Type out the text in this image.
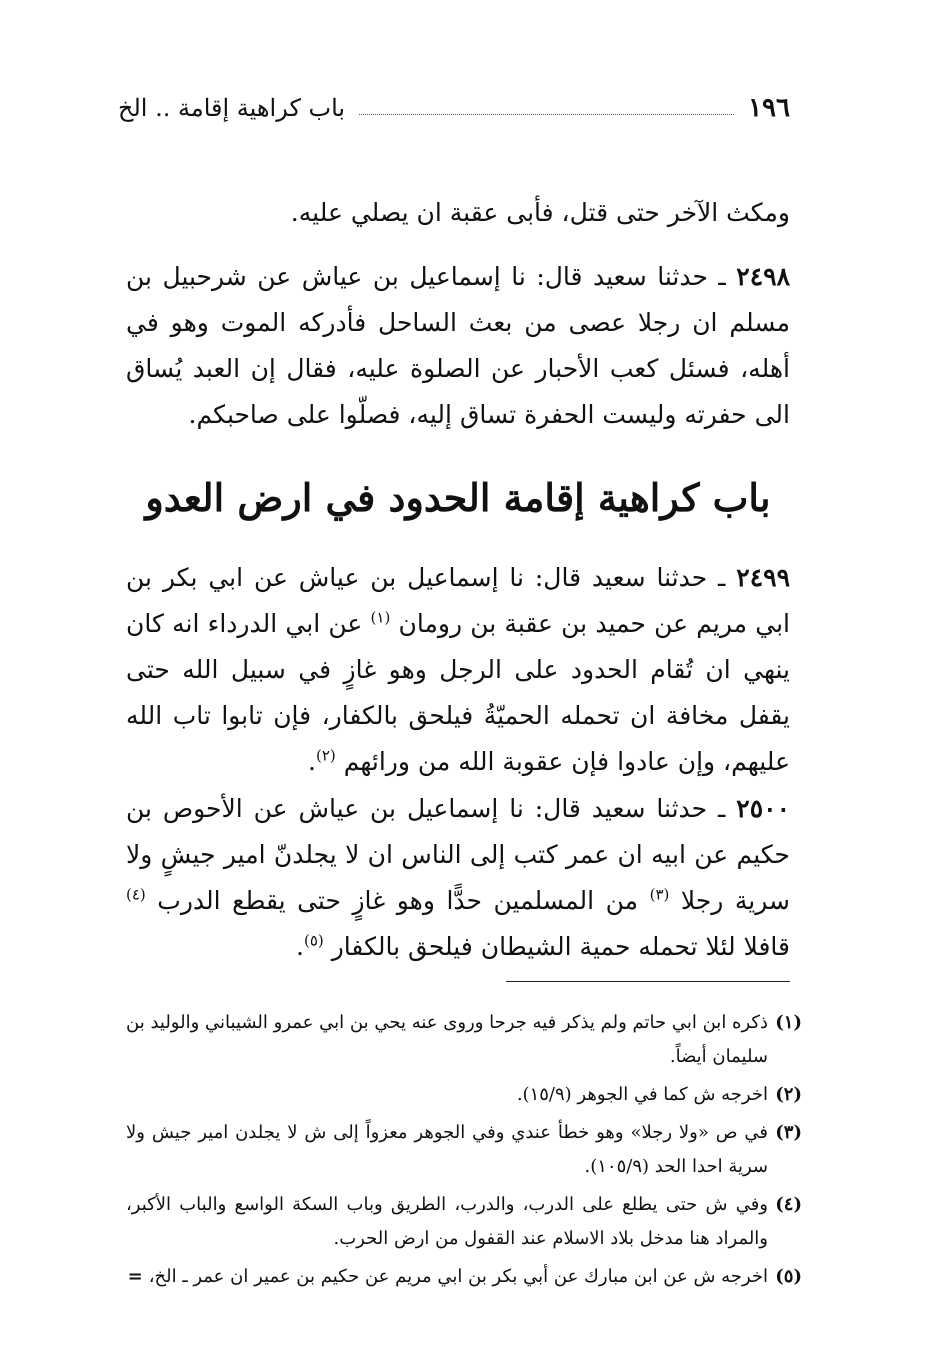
١٩٦
باب كراهية إقامة .. الخ
ومكث الآخر حتى قتل، فأبى عقبة ان يصلي عليه.
٢٤٩٨ ـ حدثنا سعيد قال: نا إسماعيل بن عياش عن شرحبيل بن مسلم ان رجلا عصى من بعث الساحل فأدركه الموت وهو في أهله، فسئل كعب الأحبار عن الصلوة عليه، فقال إن العبد يُساق الى حفرته وليست الحفرة تساق إليه، فصلّوا على صاحبكم.
باب كراهية إقامة الحدود في ارض العدو
٢٤٩٩ ـ حدثنا سعيد قال: نا إسماعيل بن عياش عن ابي بكر بن ابي مريم عن حميد بن عقبة بن رومان $^{(١)}$ عن ابي الدرداء انه كان ينهي ان تُقام الحدود على الرجل وهو غازٍ في سبيل الله حتى يقفل مخافة ان تحمله الحميّةُ فيلحق بالكفار، فإن تابوا تاب الله عليهم، وإن عادوا فإن عقوبة الله من ورائهم $^{(٢)}$.
٢٥٠٠ ـ حدثنا سعيد قال: نا إسماعيل بن عياش عن الأحوص بن حكيم عن ابيه ان عمر كتب إلى الناس ان لا يجلدنّ امير جيشٍ ولا سرية رجلا $^{(٣)}$ من المسلمين حدًّا وهو غازٍ حتى يقطع الدرب $^{(٤)}$ قافلا لئلا تحمله حمية الشيطان فيلحق بالكفار $^{(٥)}$.
(١)
ذكره ابن ابي حاتم ولم يذكر فيه جرحا وروى عنه يحي بن ابي عمرو الشيباني والوليد بن سليمان أيضاً.
(٢)
اخرجه ش كما في الجوهر (١٥/٩).
(٣)
في ص «ولا رجلا» وهو خطأ عندي وفي الجوهر معزواً إلى ش لا يجلدن امير جيش ولا سرية احدا الحد (١٠٥/٩).
(٤)
وفي ش حتى يطلع على الدرب، والدرب، الطريق وباب السكة الواسع والباب الأكبر، والمراد هنا مدخل بلاد الاسلام عند القفول من ارض الحرب.
(٥)
اخرجه ش عن ابن مبارك عن أبي بكر بن ابي مريم عن حكيم بن عمير ان عمر ـ الخ،=
